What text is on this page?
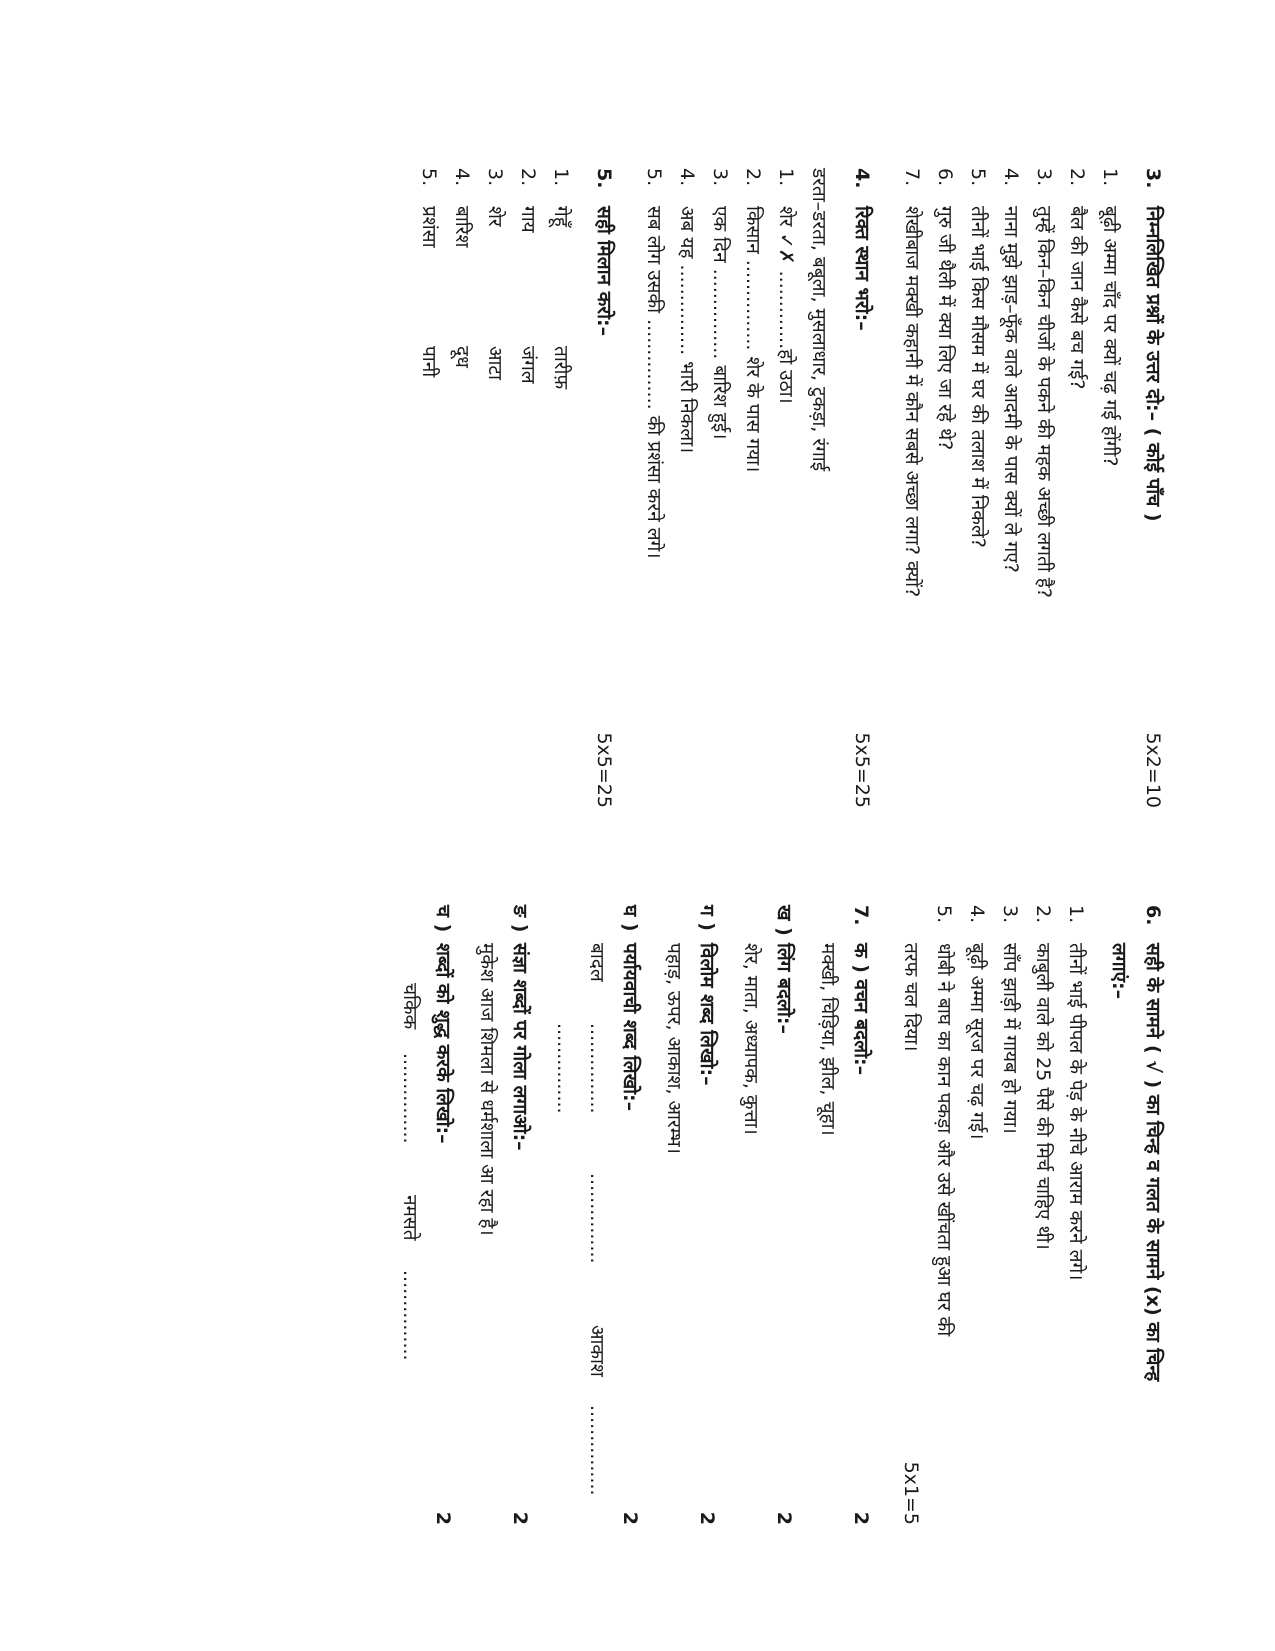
3.
निम्नलिखित प्रश्नों के उत्तर दो:– ( कोई पाँच )
5x2=10
1.
बूढ़ी अम्मा चाँद पर क्यों चढ़ गई होंगी?
2.
बैल की जान कैसे बच गई?
3.
तुम्हें किन–किन चीजों के पकने की महक अच्छी लगती है?
4.
नाना मुझे झाड़–फूँक वाले आदमी के पास क्यों ले गए?
5.
तीनों भाई किस मौसम में घर की तलाश में निकले?
6.
गुरु जी थैली में क्या लिए जा रहे थे?
7.
शेखीबाज मक्खी कहानी में कौन सबसे अच्छा लगा? क्यों?
4.
रिक्त स्थान भरो:–
5x5=25
डरता–डरता, बबूला, मुसलाधार, टुकड़ा, रंगाई
1.
शेर ✓✗ .............हो उठा।
2.
किसान ............... शेर के पास गया।
3.
एक दिन ............... बारिश हुई।
4.
अब यह ............... भारी निकला।
5.
सब लोग उसकी ............... की प्रशंसा करने लगे।
5.
सही मिलान करो:–
5x5=25
1.
गेहूँ
तारीफ़
2.
गाय
जंगल
3.
शेर
आटा
4.
बारिश
दूध
5.
प्रशंसा
पानी
6.
सही के सामने ( √ ) का चिन्ह व गलत के सामने (x) का चिन्ह
लगाएं:–
1.
तीनों भाई पीपल के पेड़ के नीचे आराम करने लगे।
2.
काबुली वाले को 25 पैसे की मिर्च चाहिए थी।
3.
साँप झाड़ी में गायब हो गया।
4.
बूढ़ी अम्मा सूरज पर चढ़ गई।
5.
धोबी ने बाघ का कान पकड़ा और उसे खींचता हुआ घर की
तरफ चल दिया।
5x1=5
7.
क ) वचन बदलो:–
2
मक्खी, चिड़िया, झील, चूहा।
ख )
लिंग बदलो:–
2
शेर, माता, अध्यापक, कुत्ता।
ग )
विलोम शब्द लिखो:–
2
पहाड़, ऊपर, आकाश, आरम्भ।
घ )
पर्यायवाची शब्द लिखो:–
2
बादल
...............
...............
आकाश
...............
...............
ङ )
संज्ञा शब्दों पर गोला लगाओ:–
2
मुकेश आज शिमला से धर्मशाला आ रहा है।
च )
शब्दों को शुद्ध करके लिखो:–
2
चकिक
...............
नमसते
...............
